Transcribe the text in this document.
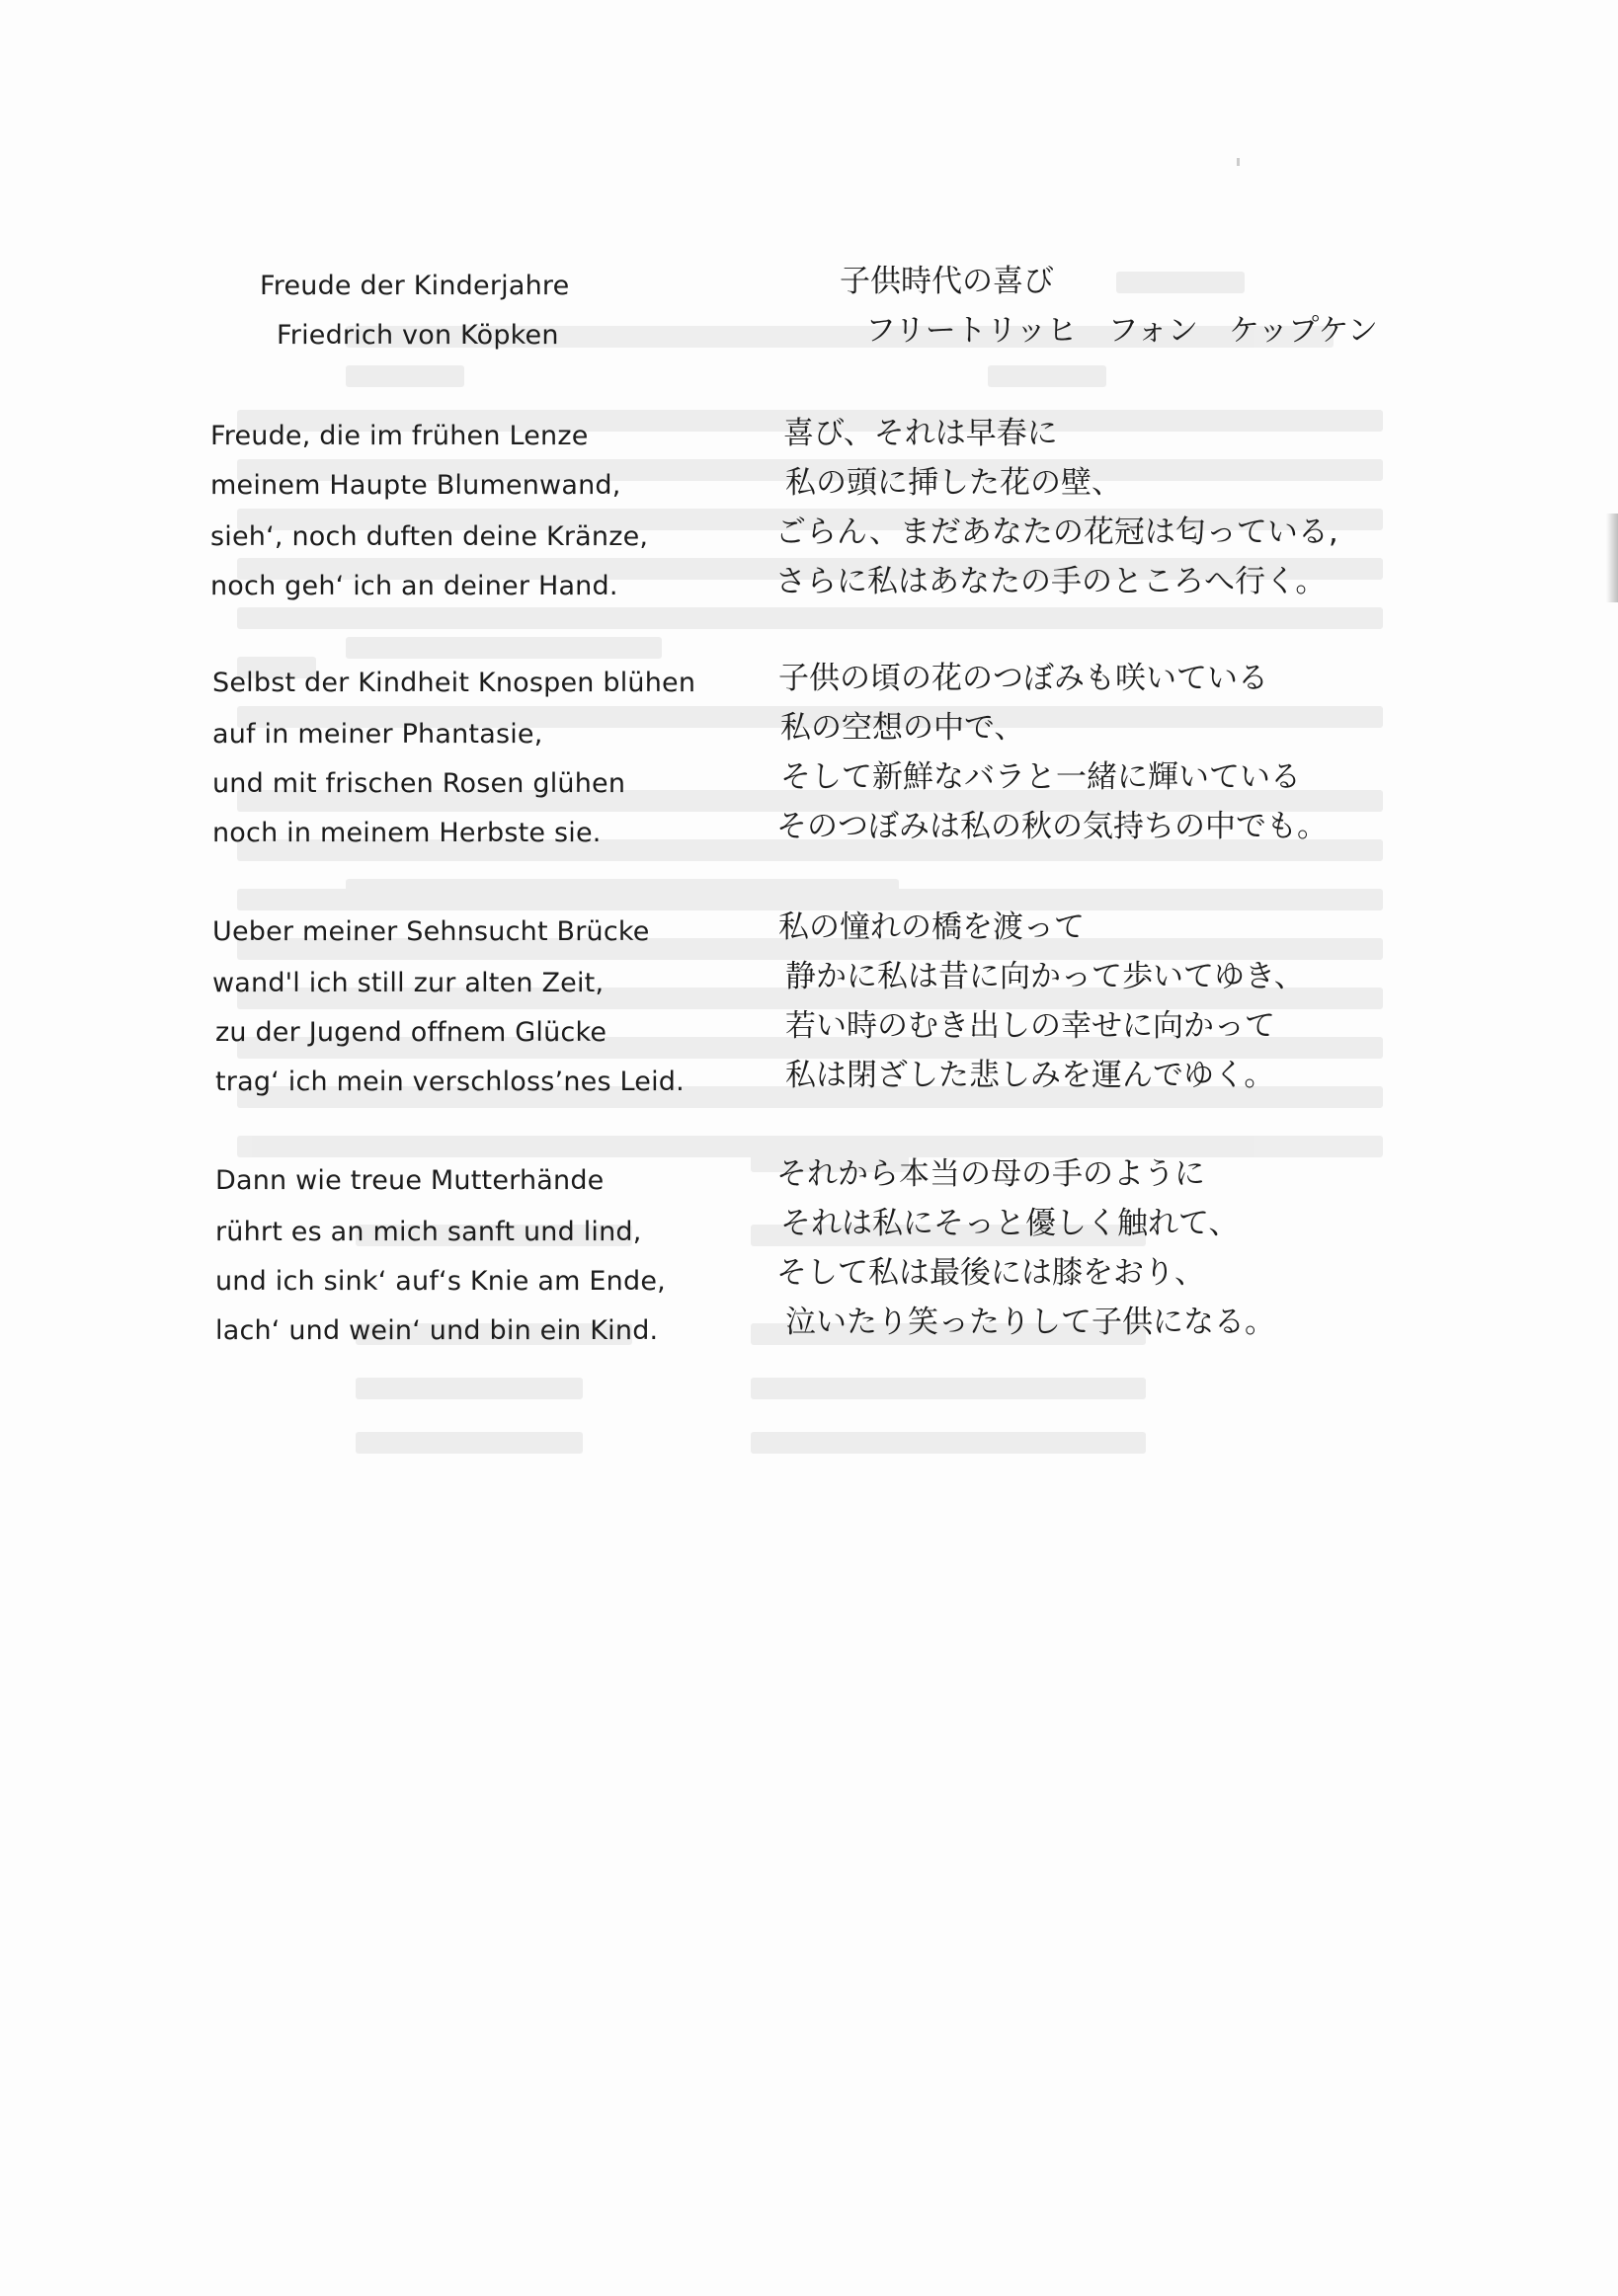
Freude der Kinderjahre	子供時代の喜び
Friedrich von Köpken	フリートリッヒ　フォン　ケップケン
Freude, die im frühen Lenze
meinem Haupte Blumenwand,
sieh‘, noch duften deine Kränze,
noch geh‘ ich an deiner Hand.
喜び、それは早春に
私の頭に挿した花の壁、
ごらん、まだあなたの花冠は匂っている,
さらに私はあなたの手のところへ行く。
Selbst der Kindheit Knospen blühen
auf in meiner Phantasie,
und mit frischen Rosen glühen
noch in meinem Herbste sie.
子供の頃の花のつぼみも咲いている
私の空想の中で、
そして新鮮なバラと一緒に輝いている
そのつぼみは私の秋の気持ちの中でも。
Ueber meiner Sehnsucht Brücke
wand'l ich still zur alten Zeit,
zu der Jugend offnem Glücke
trag‘ ich mein verschloss’nes Leid.
私の憧れの橋を渡って
静かに私は昔に向かって歩いてゆき、
若い時のむき出しの幸せに向かって
私は閉ざした悲しみを運んでゆく。
Dann wie treue Mutterhände
rührt es an mich sanft und lind,
und ich sink‘ auf‘s Knie am Ende,
lach‘ und wein‘ und bin ein Kind.
それから本当の母の手のように
それは私にそっと優しく触れて、
そして私は最後には膝をおり、
泣いたり笑ったりして子供になる。
